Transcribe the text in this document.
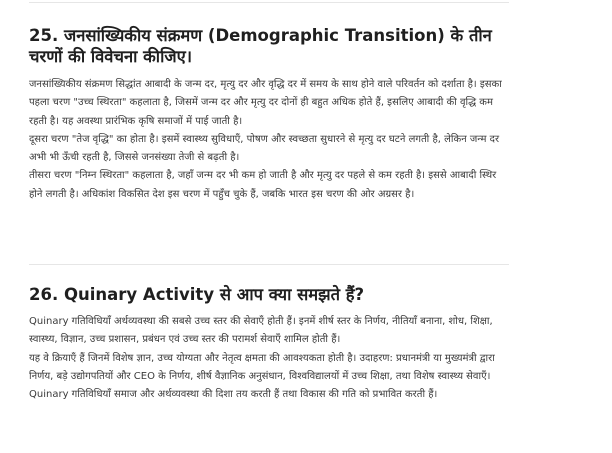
25. जनसांख्यिकीय संक्रमण (Demographic Transition) के तीन चरणों की विवेचना कीजिए।

जनसांख्यिकीय संक्रमण सिद्धांत आबादी के जन्म दर, मृत्यु दर और वृद्धि दर में समय के साथ होने वाले परिवर्तन को दर्शाता है। इसका पहला चरण "उच्च स्थिरता" कहलाता है, जिसमें जन्म दर और मृत्यु दर दोनों ही बहुत अधिक होते हैं, इसलिए आबादी की वृद्धि कम रहती है। यह अवस्था प्रारंभिक कृषि समाजों में पाई जाती है।

दूसरा चरण "तेज वृद्धि" का होता है। इसमें स्वास्थ्य सुविधाएँ, पोषण और स्वच्छता सुधारने से मृत्यु दर घटने लगती है, लेकिन जन्म दर अभी भी ऊँची रहती है, जिससे जनसंख्या तेजी से बढ़ती है।

तीसरा चरण "निम्न स्थिरता" कहलाता है, जहाँ जन्म दर भी कम हो जाती है और मृत्यु दर पहले से कम रहती है। इससे आबादी स्थिर होने लगती है। अधिकांश विकसित देश इस चरण में पहुँच चुके हैं, जबकि भारत इस चरण की ओर अग्रसर है।

26. Quinary Activity से आप क्या समझते हैं?

Quinary गतिविधियाँ अर्थव्यवस्था की सबसे उच्च स्तर की सेवाएँ होती हैं। इनमें शीर्ष स्तर के निर्णय, नीतियाँ बनाना, शोध, शिक्षा, स्वास्थ्य, विज्ञान, उच्च प्रशासन, प्रबंधन एवं उच्च स्तर की परामर्श सेवाएँ शामिल होती हैं।

यह वे क्रियाएँ हैं जिनमें विशेष ज्ञान, उच्च योग्यता और नेतृत्व क्षमता की आवश्यकता होती है। उदाहरण: प्रधानमंत्री या मुख्यमंत्री द्वारा निर्णय, बड़े उद्योगपतियों और CEO के निर्णय, शीर्ष वैज्ञानिक अनुसंधान, विश्वविद्यालयों में उच्च शिक्षा, तथा विशेष स्वास्थ्य सेवाएँ।

Quinary गतिविधियाँ समाज और अर्थव्यवस्था की दिशा तय करती हैं तथा विकास की गति को प्रभावित करती हैं।
